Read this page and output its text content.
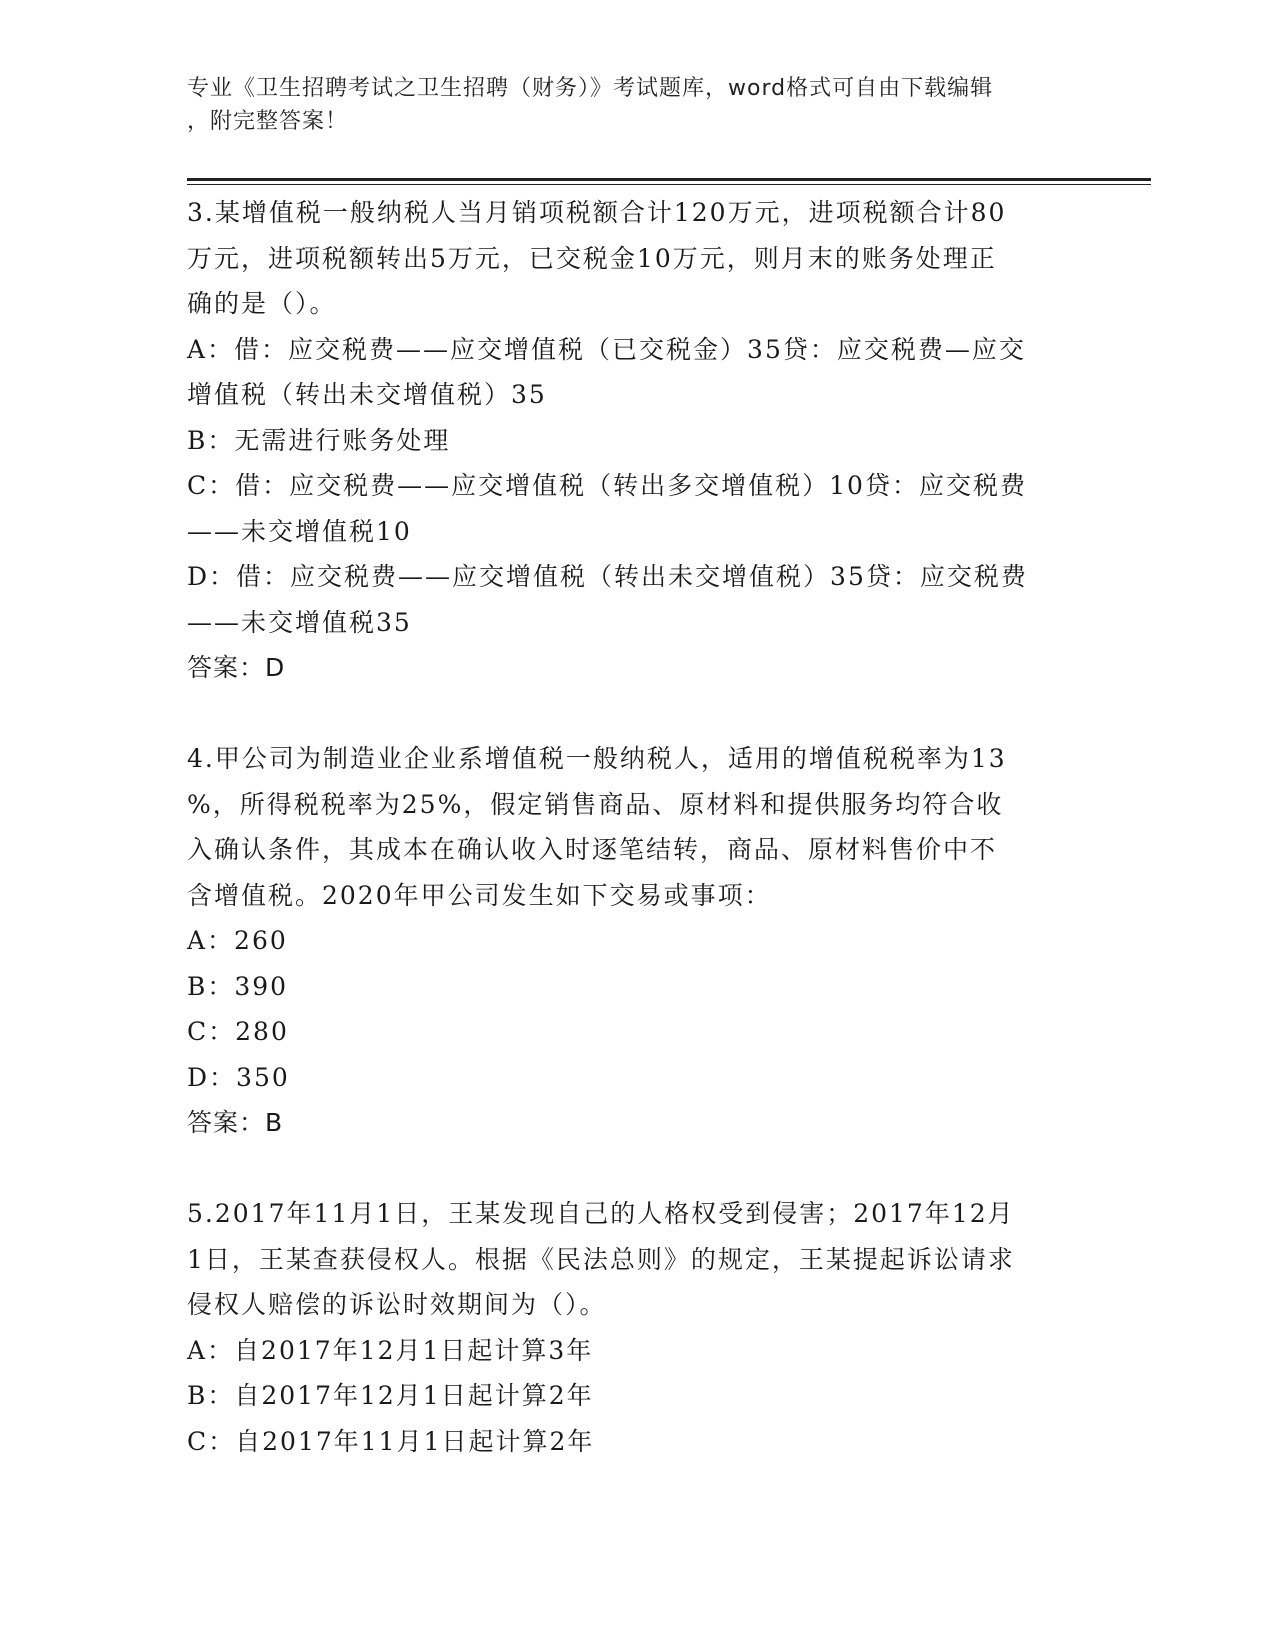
专业《卫生招聘考试之卫生招聘（财务）》考试题库，word格式可自由下载编辑
，附完整答案！

3.某增值税一般纳税人当月销项税额合计120万元，进项税额合计80

万元，进项税额转出5万元，已交税金10万元，则月末的账务处理正

确的是（）。

A：借：应交税费——应交增值税（已交税金）35贷：应交税费—应交

增值税（转出未交增值税）35

B：无需进行账务处理

C：借：应交税费——应交增值税（转出多交增值税）10贷：应交税费

——未交增值税10

D：借：应交税费——应交增值税（转出未交增值税）35贷：应交税费

——未交增值税35

答案：D

4.甲公司为制造业企业系增值税一般纳税人，适用的增值税税率为13

%，所得税税率为25%，假定销售商品、原材料和提供服务均符合收

入确认条件，其成本在确认收入时逐笔结转，商品、原材料售价中不

含增值税。2020年甲公司发生如下交易或事项：

A：260

B：390

C：280

D：350

答案：B

5.2017年11月1日，王某发现自己的人格权受到侵害；2017年12月

1日，王某查获侵权人。根据《民法总则》的规定，王某提起诉讼请求

侵权人赔偿的诉讼时效期间为（）。

A：自2017年12月1日起计算3年

B：自2017年12月1日起计算2年

C：自2017年11月1日起计算2年
